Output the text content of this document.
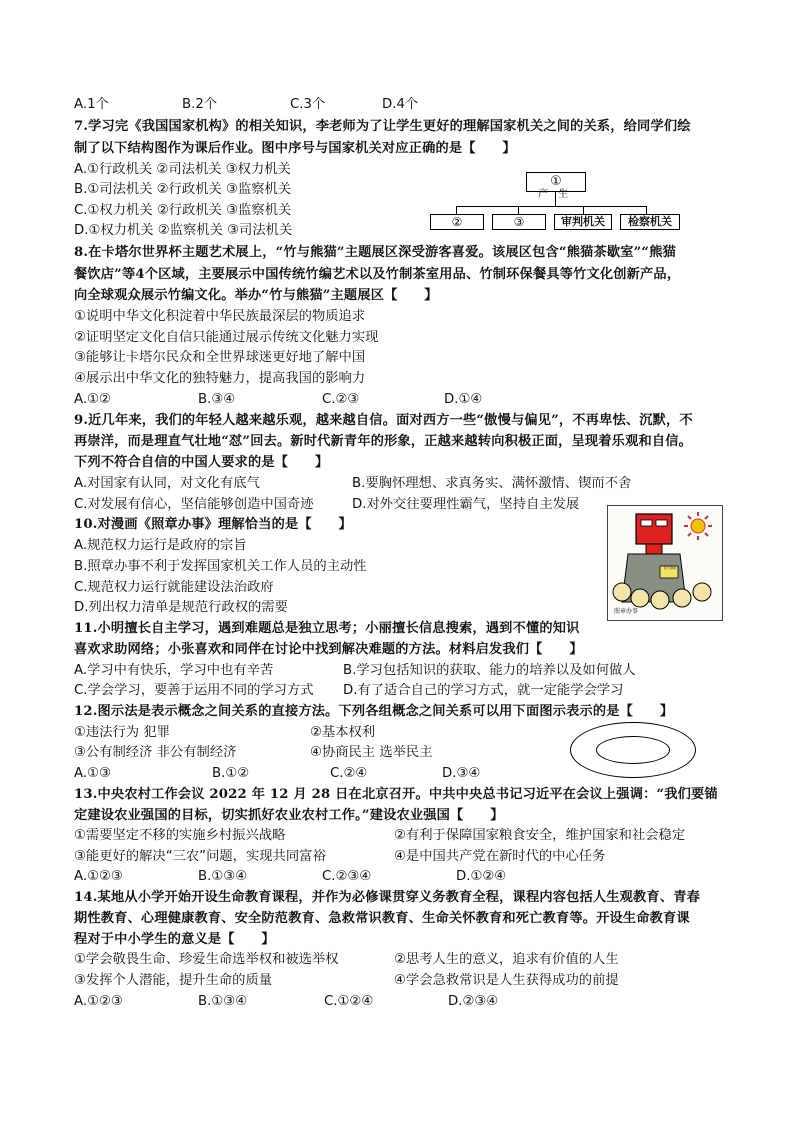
A.1个	B.2个	C.3个	D.4个
7.学习完《我国国家机构》的相关知识，李老师为了让学生更好的理解国家机关之间的关系，给同学们绘
制了以下结构图作为课后作业。图中序号与国家机关对应正确的是【　　】
A.①行政机关 ②司法机关 ③权力机关
B.①司法机关 ②行政机关 ③监察机关
C.①权力机关 ②行政机关 ③监察机关
D.①权力机关 ②监察机关 ③司法机关
①
产　生
②	③	审判机关	检察机关
8.在卡塔尔世界杯主题艺术展上，“竹与熊猫”主题展区深受游客喜爱。该展区包含“熊猫茶歇室”“熊猫
餐饮店”等4个区域，主要展示中国传统竹编艺术以及竹制茶室用品、竹制环保餐具等竹文化创新产品，
向全球观众展示竹编文化。举办“竹与熊猫”主题展区【　　】
①说明中华文化积淀着中华民族最深层的物质追求
②证明坚定文化自信只能通过展示传统文化魅力实现
③能够让卡塔尔民众和全世界球迷更好地了解中国
④展示出中华文化的独特魅力，提高我国的影响力
A.①②	B.③④	C.②③	D.①④
9.近几年来，我们的年轻人越来越乐观，越来越自信。面对西方一些“傲慢与偏见”，不再卑怯、沉默，不
再崇洋，而是理直气壮地“怼”回去。新时代新青年的形象，正越来越转向积极正面，呈现着乐观和自信。
下列不符合自信的中国人要求的是【　　】
A.对国家有认同，对文化有底气	B.要胸怀理想、求真务实、满怀激情、锲而不舍
C.对发展有信心，坚信能够创造中国奇迹	D.对外交往要理性霸气，坚持自主发展
10.对漫画《照章办事》理解恰当的是【　　】
A.规范权力运行是政府的宗旨
B.照章办事不利于发挥国家机关工作人员的主动性
C.规范权力运行就能建设法治政府
D.列出权力清单是规范行政权的需要
权力清单
照章办事
11.小明擅长自主学习，遇到难题总是独立思考；小丽擅长信息搜索，遇到不懂的知识
喜欢求助网络；小张喜欢和同伴在讨论中找到解决难题的方法。材料启发我们【　　】
A.学习中有快乐，学习中也有辛苦	B.学习包括知识的获取、能力的培养以及如何做人
C.学会学习，要善于运用不同的学习方式 D.有了适合自己的学习方式，就一定能学会学习
12.图示法是表示概念之间关系的直接方法。下列各组概念之间关系可以用下面图示表示的是【　　】
①违法行为 犯罪	②基本权利
③公有制经济 非公有制经济	④协商民主 选举民主
A.①③	B.①②	C.②④	D.③④
13.中央农村工作会议 2022 年 12 月 28 日在北京召开。中共中央总书记习近平在会议上强调：“我们要锚
定建设农业强国的目标，切实抓好农业农村工作。”建设农业强国【　　】
①需要坚定不移的实施乡村振兴战略	②有利于保障国家粮食安全，维护国家和社会稳定
③能更好的解决“三农”问题，实现共同富裕	④是中国共产党在新时代的中心任务
A.①②③	B.①③④	C.②③④	D.①②④
14.某地从小学开始开设生命教育课程，并作为必修课贯穿义务教育全程，课程内容包括人生观教育、青春
期性教育、心理健康教育、安全防范教育、急救常识教育、生命关怀教育和死亡教育等。开设生命教育课
程对于中小学生的意义是【　　】
①学会敬畏生命、珍爱生命选举权和被选举权	②思考人生的意义，追求有价值的人生
③发挥个人潜能，提升生命的质量	④学会急救常识是人生获得成功的前提
A.①②③	B.①③④	C.①②④	D.②③④
